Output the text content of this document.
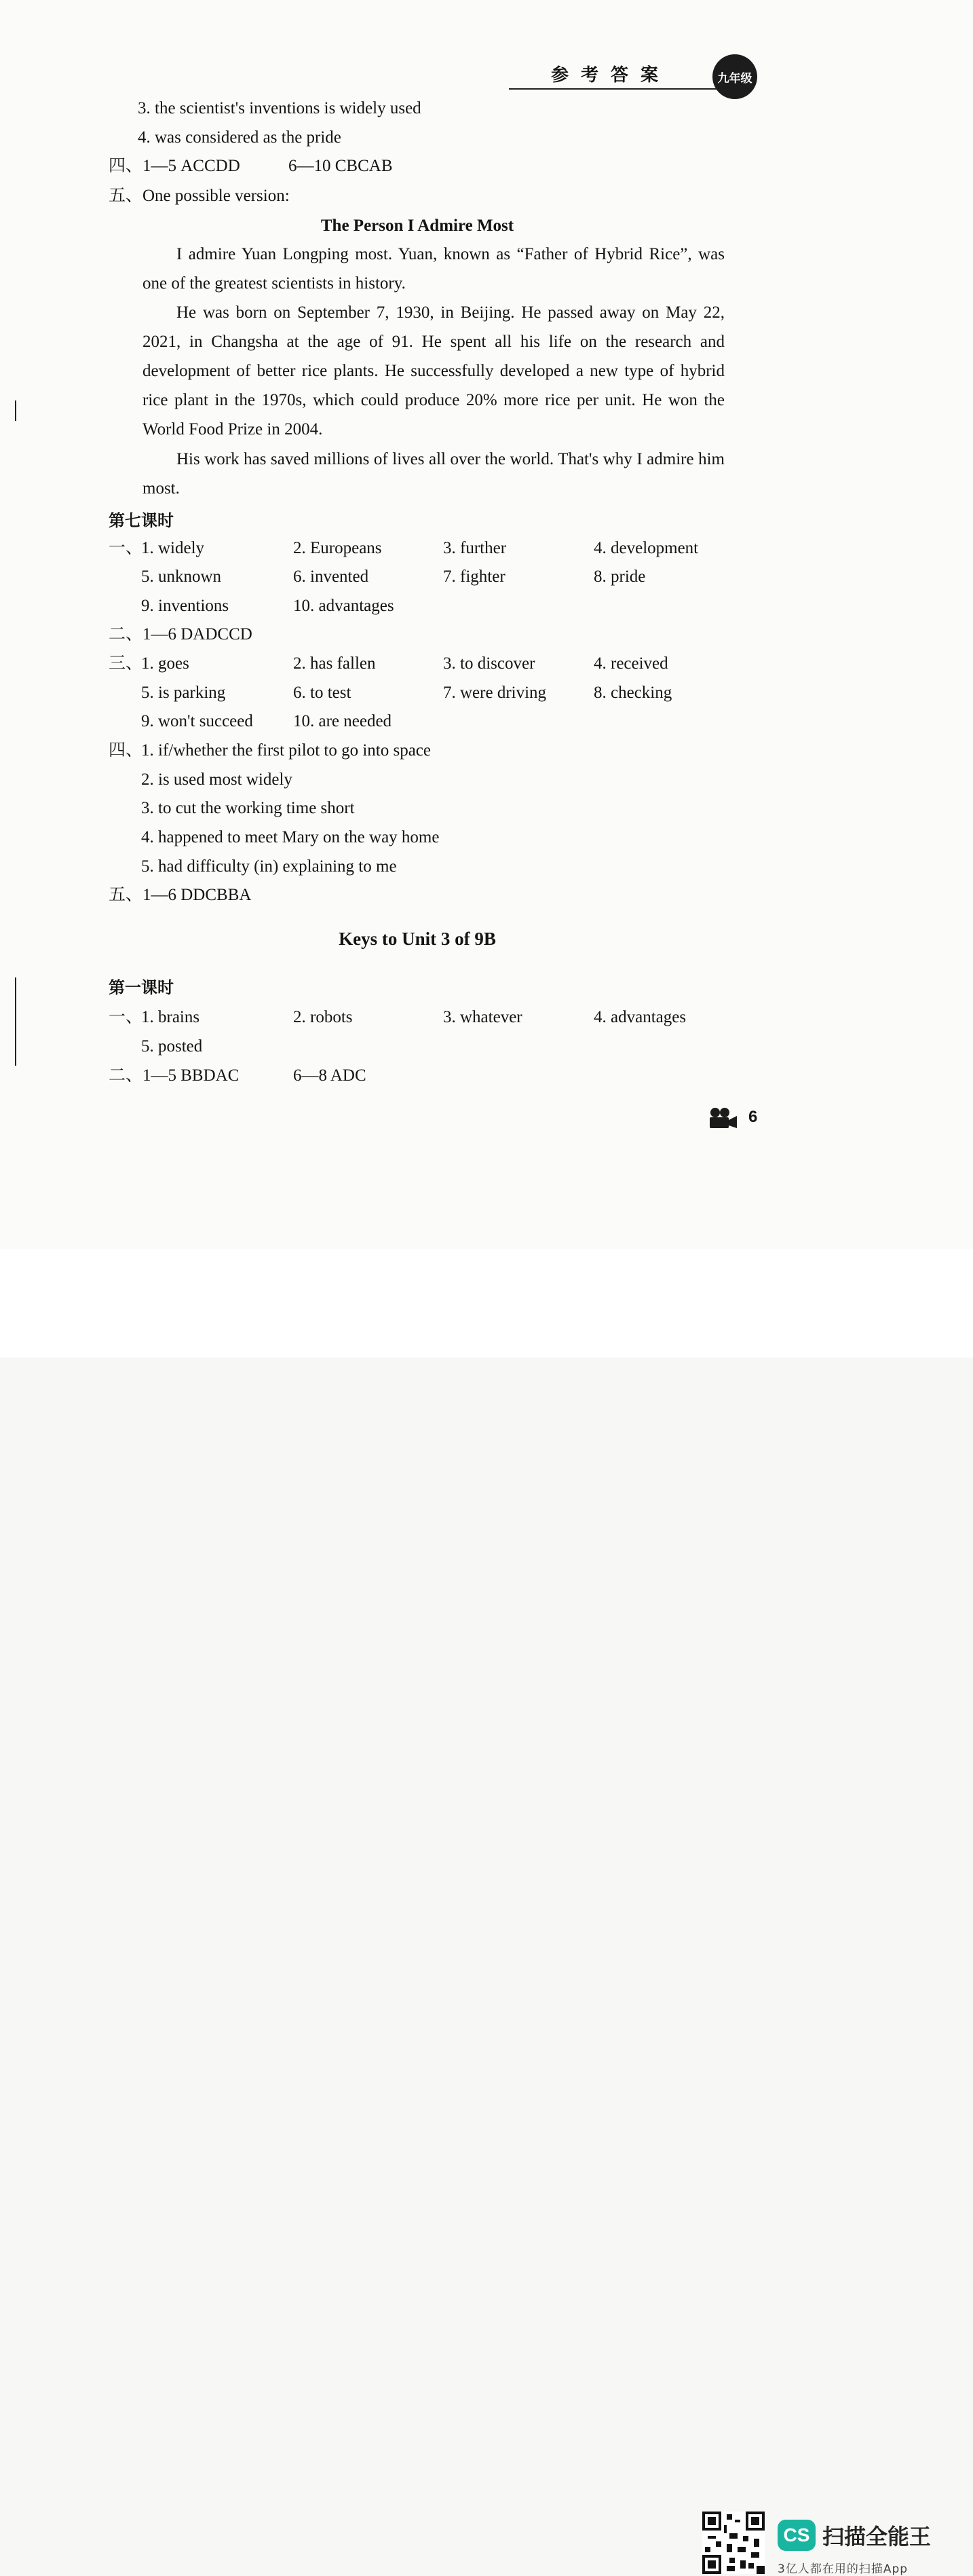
参考答案	九年级
3. the scientist's inventions is widely used
4. was considered as the pride
四、1—5 ACCDD	6—10 CBCAB
五、One possible version:
The Person I Admire Most
I admire Yuan Longping most. Yuan, known as “Father of Hybrid Rice”, was one of the greatest scientists in history.
He was born on September 7, 1930, in Beijing. He passed away on May 22, 2021, in Changsha at the age of 91. He spent all his life on the research and development of better rice plants. He successfully developed a new type of hybrid rice plant in the 1970s, which could produce 20% more rice per unit. He won the World Food Prize in 2004.
His work has saved millions of lives all over the world. That's why I admire him most.
第七课时
一、
1. widely	2. Europeans	3. further	4. development
5. unknown	6. invented	7. fighter	8. pride
9. inventions	10. advantages
二、1—6 DADCCD
三、
1. goes	2. has fallen	3. to discover	4. received
5. is parking	6. to test	7. were driving	8. checking
9. won't succeed 10. are needed
四、
1. if/whether the first pilot to go into space
2. is used most widely
3. to cut the working time short
4. happened to meet Mary on the way home
5. had difficulty (in) explaining to me
五、1—6 DDCBBA
Keys to Unit 3 of 9B
第一课时
一、
1. brains	2. robots	3. whatever	4. advantages
5. posted
二、1—5 BBDAC	6—8 ADC
6
CS 扫描全能王
3亿人都在用的扫描App
